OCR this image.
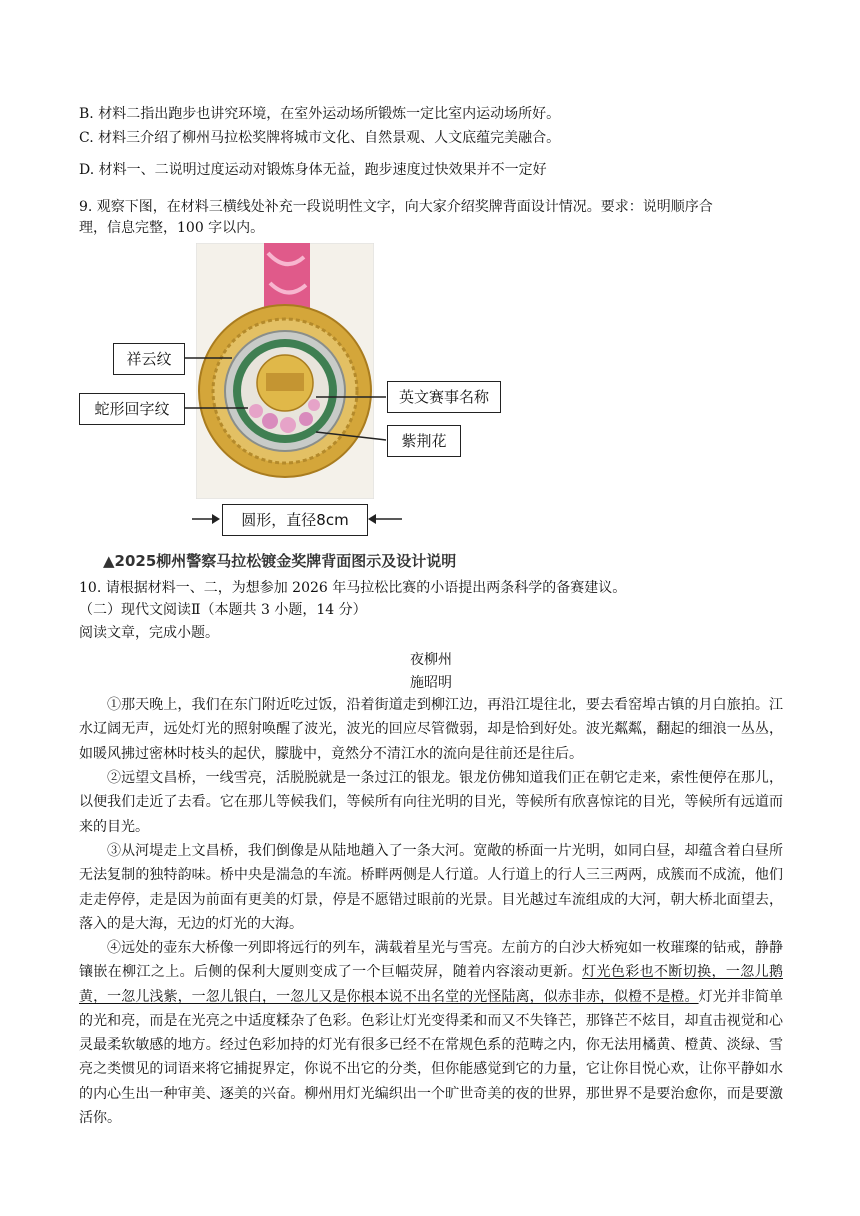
B. 材料二指出跑步也讲究环境，在室外运动场所锻炼一定比室内运动场所好。
C. 材料三介绍了柳州马拉松奖牌将城市文化、自然景观、人文底蕴完美融合。
D. 材料一、二说明过度运动对锻炼身体无益，跑步速度过快效果并不一定好
9. 观察下图，在材料三横线处补充一段说明性文字，向大家介绍奖牌背面设计情况。要求：说明顺序合
理，信息完整，100 字以内。
祥云纹
蛇形回字纹
英文赛事名称
紫荆花
圆形，直径8cm
▲2025柳州警察马拉松镀金奖牌背面图示及设计说明
10. 请根据材料一、二，为想参加 2026 年马拉松比赛的小语提出两条科学的备赛建议。
（二）现代文阅读Ⅱ（本题共 3 小题，14 分）
阅读文章，完成小题。
夜柳州
施昭明
①那天晚上，我们在东门附近吃过饭，沿着街道走到柳江边，再沿江堤往北，要去看窑埠古镇的月白旅拍。江水辽阔无声，远处灯光的照射唤醒了波光，波光的回应尽管微弱，却是恰到好处。波光粼粼，翻起的细浪一丛丛，如暖风拂过密林时枝头的起伏，朦胧中，竟然分不清江水的流向是往前还是往后。
②远望文昌桥，一线雪亮，活脱脱就是一条过江的银龙。银龙仿佛知道我们正在朝它走来，索性便停在那儿，以便我们走近了去看。它在那儿等候我们，等候所有向往光明的目光，等候所有欣喜惊诧的目光，等候所有远道而来的目光。
③从河堤走上文昌桥，我们倒像是从陆地趟入了一条大河。宽敞的桥面一片光明，如同白昼，却蕴含着白昼所无法复制的独特韵味。桥中央是湍急的车流。桥畔两侧是人行道。人行道上的行人三三两两，成簇而不成流，他们走走停停，走是因为前面有更美的灯景，停是不愿错过眼前的光景。目光越过车流组成的大河，朝大桥北面望去，落入的是大海，无边的灯光的大海。
④远处的壶东大桥像一列即将远行的列车，满载着星光与雪亮。左前方的白沙大桥宛如一枚璀璨的钻戒，静静镶嵌在柳江之上。后侧的保利大厦则变成了一个巨幅荧屏，随着内容滚动更新。灯光色彩也不断切换，一忽儿鹅黄，一忽儿浅紫，一忽儿银白，一忽儿又是你根本说不出名堂的光怪陆离，似赤非赤，似橙不是橙。灯光并非简单的光和亮，而是在光亮之中适度糅杂了色彩。色彩让灯光变得柔和而又不失锋芒，那锋芒不炫目，却直击视觉和心灵最柔软敏感的地方。经过色彩加持的灯光有很多已经不在常规色系的范畴之内，你无法用橘黄、橙黄、淡绿、雪亮之类惯见的词语来将它捕捉界定，你说不出它的分类，但你能感觉到它的力量，它让你目悦心欢，让你平静如水的内心生出一种审美、逐美的兴奋。柳州用灯光编织出一个旷世奇美的夜的世界，那世界不是要治愈你，而是要激活你。
